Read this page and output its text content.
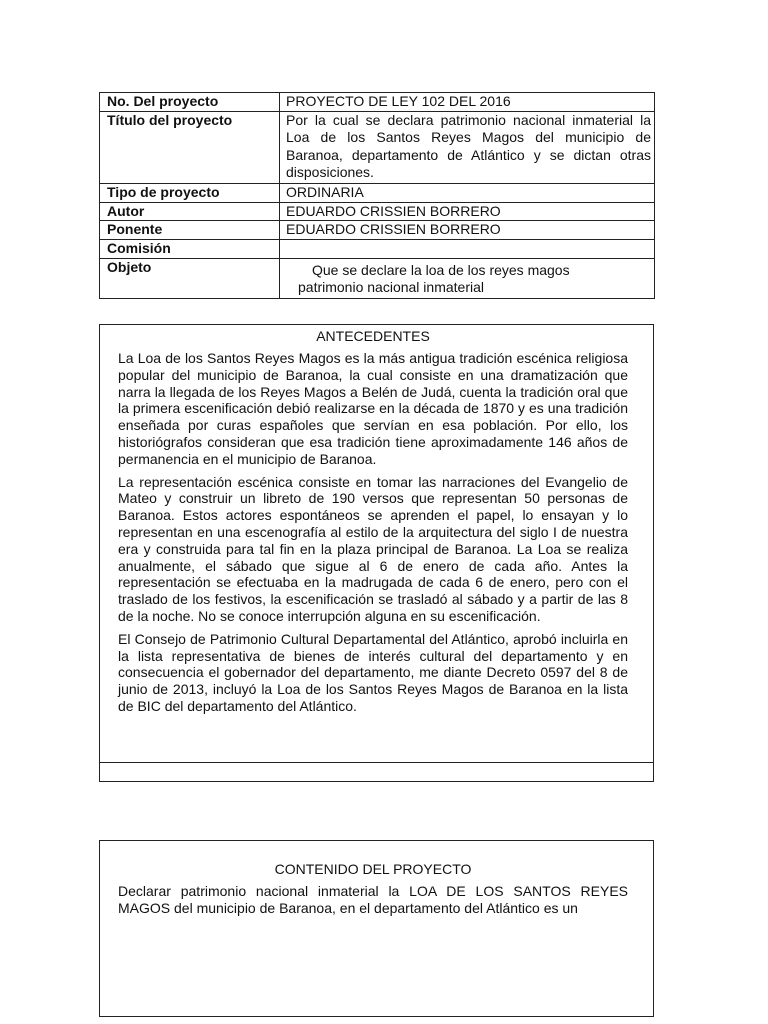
No. Del proyecto	PROYECTO DE LEY 102 DEL 2016
Título del proyecto	Por la cual se declara patrimonio nacional inmaterial la Loa de los Santos Reyes Magos del municipio de Baranoa, departamento de Atlántico y se dictan otras disposiciones.
Tipo de proyecto	ORDINARIA
Autor	EDUARDO CRISSIEN BORRERO
Ponente	EDUARDO CRISSIEN BORRERO
Comisión	
Objeto	Que se declare la loa de los reyes magos
patrimonio nacional inmaterial
ANTECEDENTES

La Loa de los Santos Reyes Magos es la más antigua tradición escénica religiosa popular del municipio de Baranoa, la cual consiste en una dramatización que narra la llegada de los Reyes Magos a Belén de Judá, cuenta la tradición oral que la primera escenificación debió realizarse en la década de 1870 y es una tradición enseñada por curas españoles que servían en esa población. Por ello, los historiógrafos consideran que esa tradición tiene aproximadamente 146 años de permanencia en el municipio de Baranoa.

La representación escénica consiste en tomar las narraciones del Evangelio de Mateo y construir un libreto de 190 versos que representan 50 personas de Baranoa. Estos actores espontáneos se aprenden el papel, lo ensayan y lo representan en una escenografía al estilo de la arquitectura del siglo I de nuestra era y construida para tal fin en la plaza principal de Baranoa. La Loa se realiza anualmente, el sábado que sigue al 6 de enero de cada año. Antes la representación se efectuaba en la madrugada de cada 6 de enero, pero con el traslado de los festivos, la escenificación se trasladó al sábado y a partir de las 8 de la noche. No se conoce interrupción alguna en su escenificación.

El Consejo de Patrimonio Cultural Departamental del Atlántico, aprobó incluirla en la lista representativa de bienes de interés cultural del departamento y en consecuencia el gobernador del departamento, me diante Decreto 0597 del 8 de junio de 2013, incluyó la Loa de los Santos Reyes Magos de Baranoa en la lista de BIC del departamento del Atlántico.

CONTENIDO DEL PROYECTO

Declarar patrimonio nacional inmaterial la LOA DE LOS SANTOS REYES MAGOS del municipio de Baranoa, en el departamento del Atlántico es un
